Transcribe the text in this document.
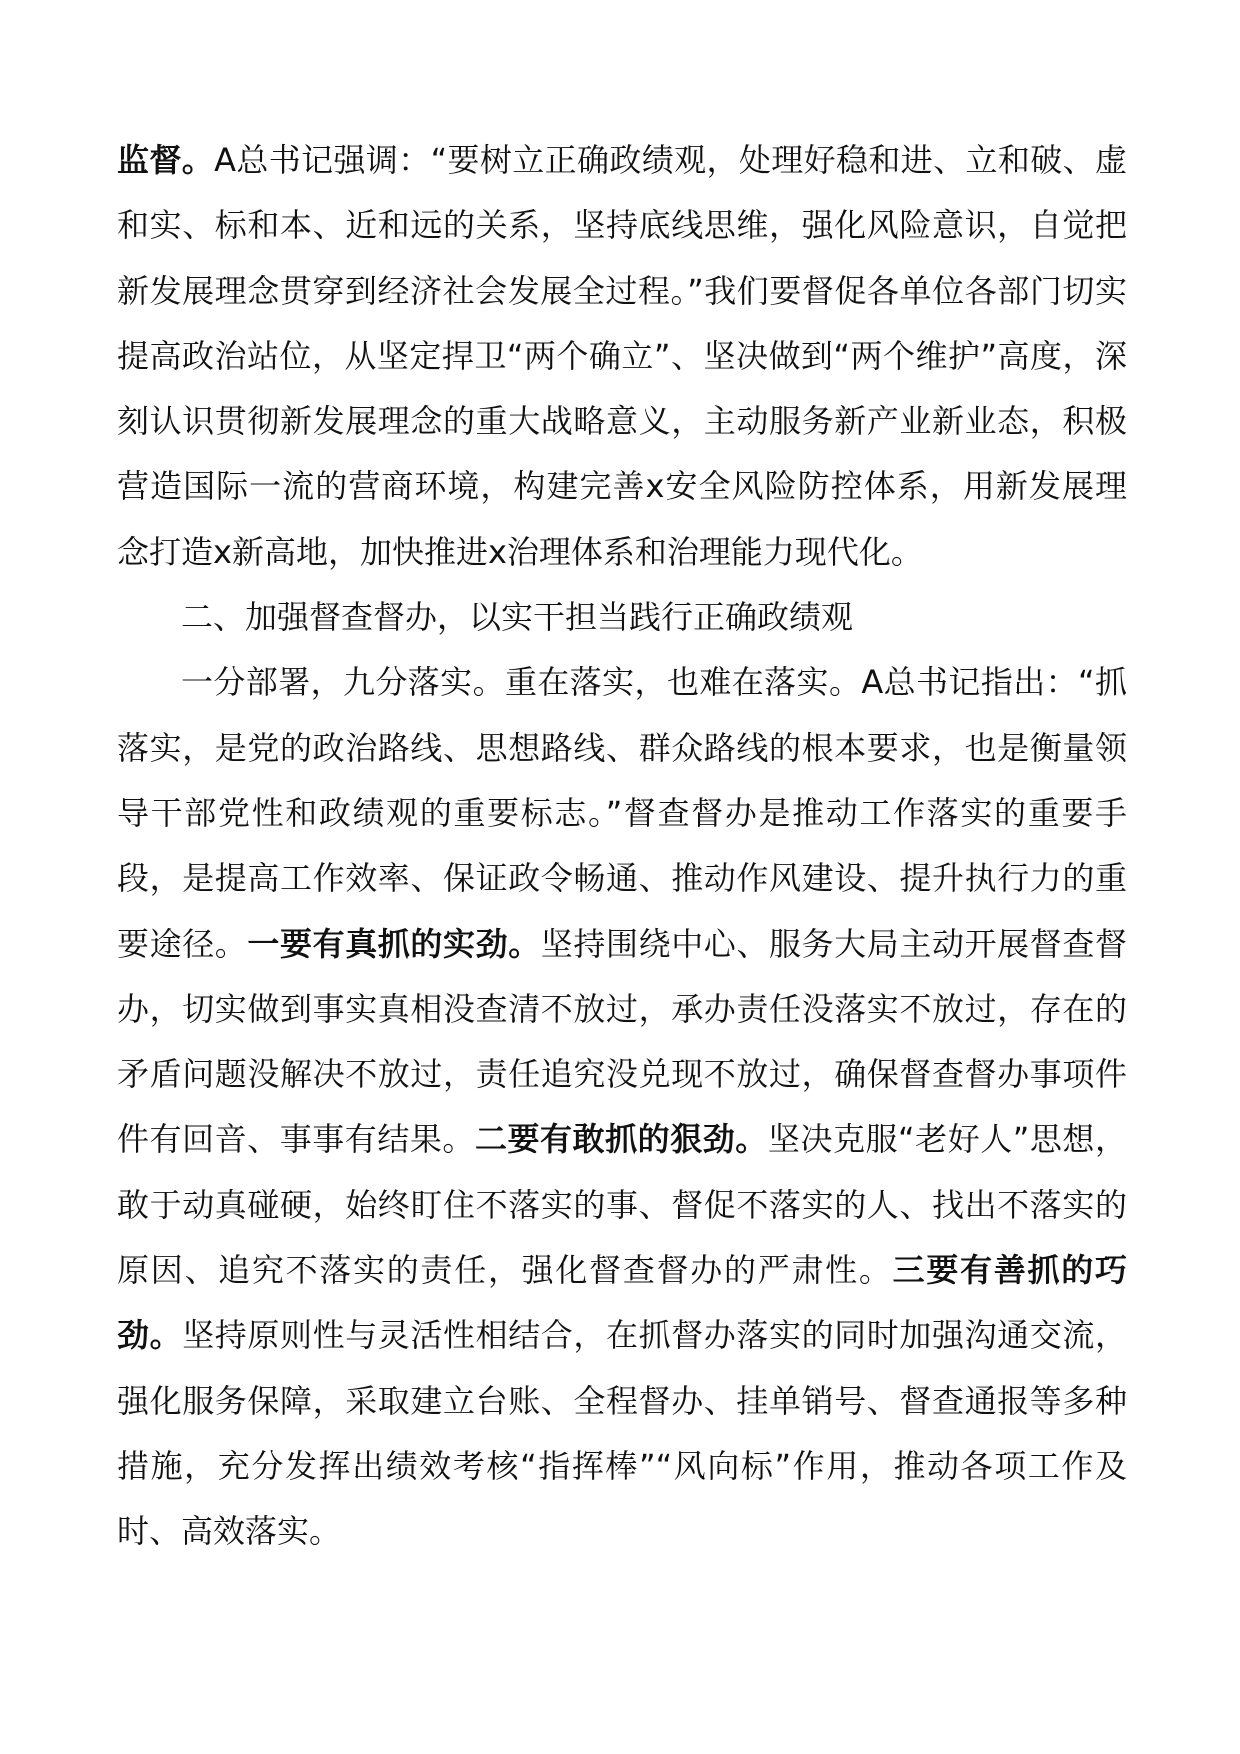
监督。A总书记强调：“要树立正确政绩观，处理好稳和进、立和破、虚和实、标和本、近和远的关系，坚持底线思维，强化风险意识，自觉把新发展理念贯穿到经济社会发展全过程。”我们要督促各单位各部门切实提高政治站位，从坚定捍卫“两个确立”、坚决做到“两个维护”高度，深刻认识贯彻新发展理念的重大战略意义，主动服务新产业新业态，积极营造国际一流的营商环境，构建完善x安全风险防控体系，用新发展理念打造x新高地，加快推进x治理体系和治理能力现代化。

二、加强督查督办，以实干担当践行正确政绩观

一分部署，九分落实。重在落实，也难在落实。A总书记指出：“抓落实，是党的政治路线、思想路线、群众路线的根本要求，也是衡量领导干部党性和政绩观的重要标志。”督查督办是推动工作落实的重要手段，是提高工作效率、保证政令畅通、推动作风建设、提升执行力的重要途径。一要有真抓的实劲。坚持围绕中心、服务大局主动开展督查督办，切实做到事实真相没查清不放过，承办责任没落实不放过，存在的矛盾问题没解决不放过，责任追究没兑现不放过，确保督查督办事项件件有回音、事事有结果。二要有敢抓的狠劲。坚决克服“老好人”思想，敢于动真碰硬，始终盯住不落实的事、督促不落实的人、找出不落实的原因、追究不落实的责任，强化督查督办的严肃性。三要有善抓的巧劲。坚持原则性与灵活性相结合，在抓督办落实的同时加强沟通交流，强化服务保障，采取建立台账、全程督办、挂单销号、督查通报等多种措施，充分发挥出绩效考核“指挥棒”“风向标”作用，推动各项工作及时、高效落实。
